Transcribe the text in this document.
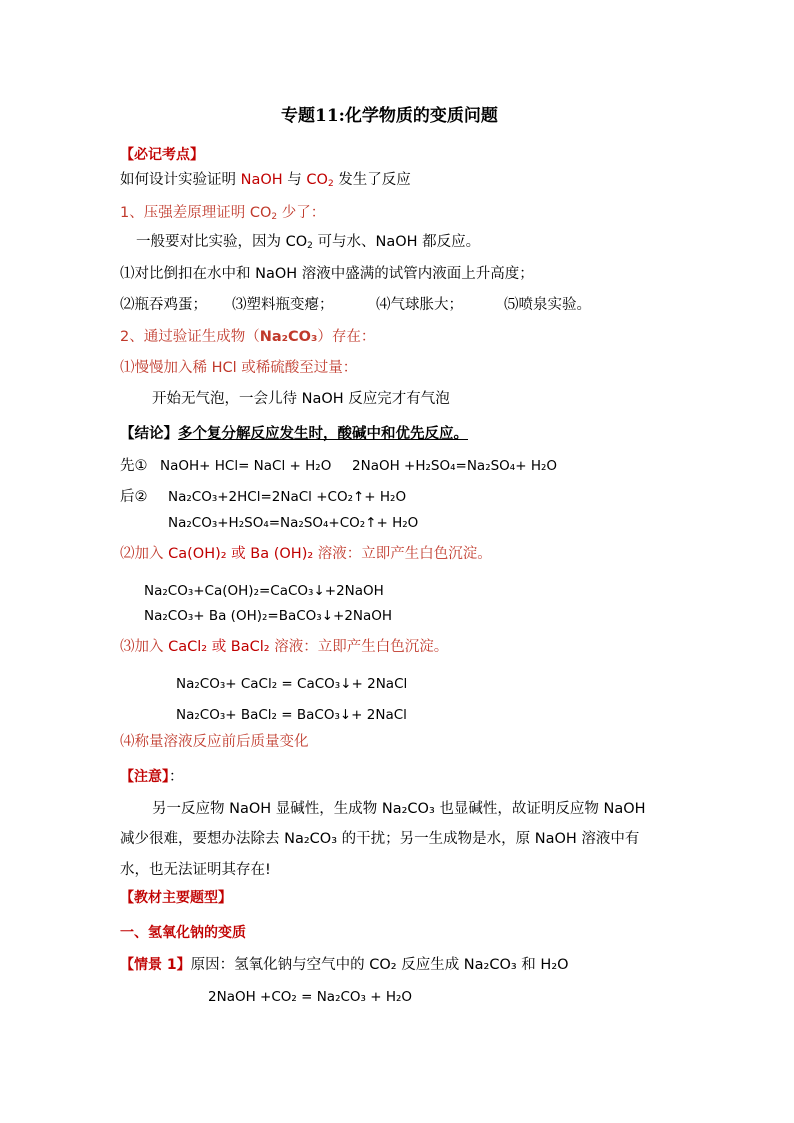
专题11:化学物质的变质问题
【必记考点】
如何设计实验证明 NaOH 与 $CO_2$ 发生了反应
1、压强差原理证明 $CO_2$ 少了：
一般要对比实验，因为 $CO_2$ 可与水、NaOH 都反应。
⑴对比倒扣在水中和 NaOH 溶液中盛满的试管内液面上升高度；
⑵瓶吞鸡蛋； ⑶塑料瓶变瘪；	⑷气球胀大；	⑸喷泉实验。
2、通过验证生成物（Na₂CO₃）存在：
⑴慢慢加入稀 HCl 或稀硫酸至过量：
开始无气泡，一会儿待 NaOH 反应完才有气泡
【结论】多个复分解反应发生时，酸碱中和优先反应。
先① NaOH+ HCl= NaCl + H₂O 2NaOH +H₂SO₄=Na₂SO₄+ H₂O
后② Na₂CO₃+2HCl=2NaCl +CO₂↑+ H₂O
Na₂CO₃+H₂SO₄=Na₂SO₄+CO₂↑+ H₂O
⑵加入 Ca(OH)₂ 或 Ba (OH)₂ 溶液：立即产生白色沉淀。
Na₂CO₃+Ca(OH)₂=CaCO₃↓+2NaOH
Na₂CO₃+ Ba (OH)₂=BaCO₃↓+2NaOH
⑶加入 CaCl₂ 或 BaCl₂ 溶液：立即产生白色沉淀。
Na₂CO₃+ CaCl₂ = CaCO₃↓+ 2NaCl
Na₂CO₃+ BaCl₂ = BaCO₃↓+ 2NaCl
⑷称量溶液反应前后质量变化
【注意】：
另一反应物 NaOH 显碱性，生成物 Na₂CO₃ 也显碱性，故证明反应物 NaOH
减少很难，要想办法除去 Na₂CO₃ 的干扰；另一生成物是水，原 NaOH 溶液中有
水，也无法证明其存在!
【教材主要题型】
一、氢氧化钠的变质
【情景 1】原因：氢氧化钠与空气中的 CO₂ 反应生成 Na₂CO₃ 和 H₂O
2NaOH +CO₂ = Na₂CO₃ + H₂O
